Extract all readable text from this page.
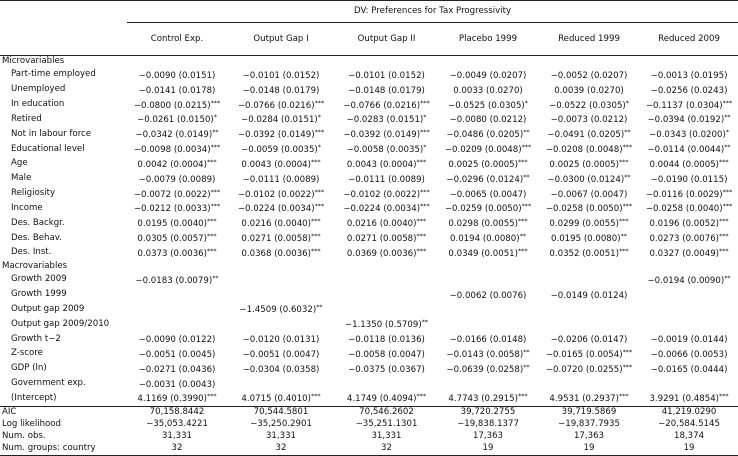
	DV: Preferences for Tax Progressivity					
	Control Exp.	Output Gap I	Output Gap II	Placebo 1999	Reduced 1999	Reduced 2009
Microvariables						
Part-time employed	−0.0090 (0.0151)	−0.0101 (0.0152)	−0.0101 (0.0152)	−0.0049 (0.0207)	−0.0052 (0.0207)	−0.0013 (0.0195)
Unemployed	−0.0141 (0.0178)	−0.0148 (0.0179)	−0.0148 (0.0179)	0.0033 (0.0270)	0.0039 (0.0270)	−0.0256 (0.0243)
In education	−0.0800 (0.0215)***	−0.0766 (0.0216)***	−0.0766 (0.0216)***	−0.0525 (0.0305)*	−0.0522 (0.0305)*	−0.1137 (0.0304)***
Retired	−0.0261 (0.0150)*	−0.0284 (0.0151)*	−0.0283 (0.0151)*	−0.0080 (0.0212)	−0.0073 (0.0212)	−0.0394 (0.0192)**
Not in labour force	−0.0342 (0.0149)**	−0.0392 (0.0149)***	−0.0392 (0.0149)***	−0.0486 (0.0205)**	−0.0491 (0.0205)**	−0.0343 (0.0200)*
Educational level	−0.0098 (0.0034)***	−0.0059 (0.0035)*	−0.0058 (0.0035)*	−0.0209 (0.0048)***	−0.0208 (0.0048)***	−0.0114 (0.0044)**
Age	0.0042 (0.0004)***	0.0043 (0.0004)***	0.0043 (0.0004)***	0.0025 (0.0005)***	0.0025 (0.0005)***	0.0044 (0.0005)***
Male	−0.0079 (0.0089)	−0.0111 (0.0089)	−0.0111 (0.0089)	−0.0296 (0.0124)**	−0.0300 (0.0124)**	−0.0190 (0.0115)
Religiosity	−0.0072 (0.0022)***	−0.0102 (0.0022)***	−0.0102 (0.0022)***	−0.0065 (0.0047)	−0.0067 (0.0047)	−0.0116 (0.0029)***
Income	−0.0212 (0.0033)***	−0.0224 (0.0034)***	−0.0224 (0.0034)***	−0.0259 (0.0050)***	−0.0258 (0.0050)***	−0.0258 (0.0040)***
Des. Backgr.	0.0195 (0.0040)***	0.0216 (0.0040)***	0.0216 (0.0040)***	0.0298 (0.0055)***	0.0299 (0.0055)***	0.0196 (0.0052)***
Des. Behav.	0.0305 (0.0057)***	0.0271 (0.0058)***	0.0271 (0.0058)***	0.0194 (0.0080)**	0.0195 (0.0080)**	0.0273 (0.0076)***
Des. Inst.	0.0373 (0.0036)***	0.0368 (0.0036)***	0.0369 (0.0036)***	0.0349 (0.0051)***	0.0352 (0.0051)***	0.0327 (0.0049)***
Macrovariables						
Growth 2009	−0.0183 (0.0079)**					−0.0194 (0.0090)**
Growth 1999				−0.0062 (0.0076)	−0.0149 (0.0124)	
Output gap 2009		−1.4509 (0.6032)**				
Output gap 2009/2010			−1.1350 (0.5709)**			
Growth t−2	−0.0090 (0.0122)	−0.0120 (0.0131)	−0.0118 (0.0136)	−0.0166 (0.0148)	−0.0206 (0.0147)	−0.0019 (0.0144)
Z-score	−0.0051 (0.0045)	−0.0051 (0.0047)	−0.0058 (0.0047)	−0.0143 (0.0058)**	−0.0165 (0.0054)***	−0.0066 (0.0053)
GDP (ln)	−0.0271 (0.0436)	−0.0304 (0.0358)	−0.0375 (0.0367)	−0.0639 (0.0258)**	−0.0720 (0.0255)***	−0.0165 (0.0444)
Government exp.	−0.0031 (0.0043)					
(Intercept)	4.1169 (0.3990)***	4.0715 (0.4010)***	4.1749 (0.4094)***	4.7743 (0.2915)***	4.9531 (0.2937)***	3.9291 (0.4854)***
AIC	70,158.8442	70,544.5801	70,546.2602	39,720.2755	39,719.5869	41,219.0290
Log likelihood	−35,053.4221	−35,250.2901	−35,251.1301	−19,838.1377	−19,837.7935	−20,584.5145
Num. obs.	31,331	31,331	31,331	17,363	17,363	18,374
Num. groups: country	32	32	32	19	19	19
